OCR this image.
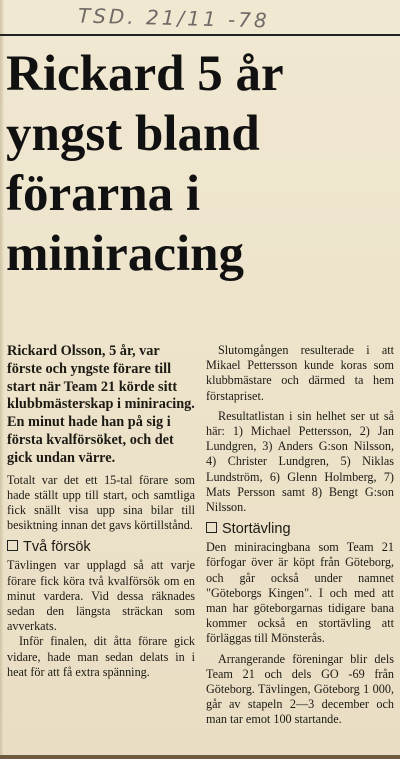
TSD. 21/11 -78
Rickard 5 år yngst bland förarna i miniracing

Rickard Olsson, 5 år, var förste och yngste förare till start när Team 21 körde sitt klubbmästerskap i miniracing. En minut hade han på sig i första kvalförsöket, och det gick undan värre.

Totalt var det ett 15-tal förare som hade ställt upp till start, och samtliga fick snällt visa upp sina bilar till besiktning innan det gavs körtillstånd.

Två försök

Tävlingen var upplagd så att varje förare fick köra två kvalförsök om en minut vardera. Vid dessa räknades sedan den längsta sträckan som avverkats.

Inför finalen, dit åtta förare gick vidare, hade man sedan delats in i heat för att få extra spänning.

Slutomgången resulterade i att Mikael Pettersson kunde koras som klubbmästare och därmed ta hem förstapriset.

Resultatlistan i sin helhet ser ut så här: 1) Michael Pettersson, 2) Jan Lundgren, 3) Anders G:son Nilsson, 4) Christer Lundgren, 5) Niklas Lundström, 6) Glenn Holmberg, 7) Mats Persson samt 8) Bengt G:son Nilsson.

Stortävling

Den miniracingbana som Team 21 förfogar över är köpt från Göteborg, och går också under namnet "Göteborgs Kingen". I och med att man har göteborgarnas tidigare bana kommer också en stortävling att förläggas till Mönsterås.

Arrangerande föreningar blir dels Team 21 och dels GO -69 från Göteborg. Tävlingen, Göteborg 1 000, går av stapeln 2—3 december och man tar emot 100 startande.
